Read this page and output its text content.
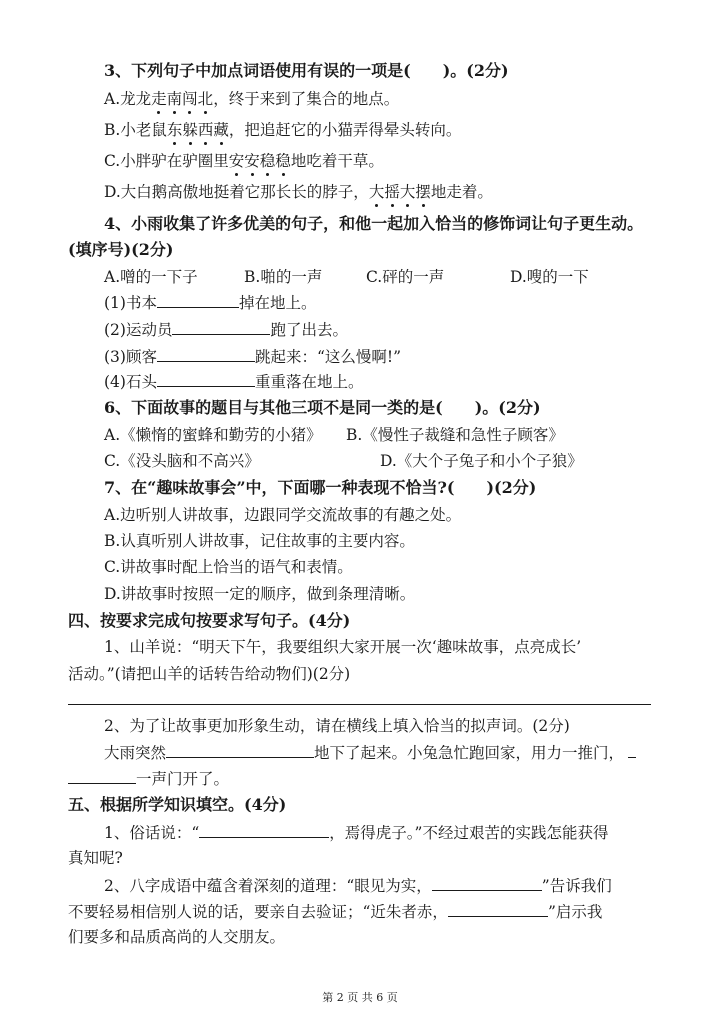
3、下列句子中加点词语使用有误的一项是(　　)。(2分)
A.龙龙走南闯北，终于来到了集合的地点。
B.小老鼠东躲西藏，把追赶它的小猫弄得晕头转向。
C.小胖驴在驴圈里安安稳稳地吃着干草。
D.大白鹅高傲地挺着它那长长的脖子，大摇大摆地走着。
4、小雨收集了许多优美的句子，和他一起加入恰当的修饰词让句子更生动。
(填序号)(2分)
A.噌的一下子	B.啪的一声	C.砰的一声	D.嗖的一下
(1)书本	掉在地上。
(2)运动员	跑了出去。
(3)顾客	跳起来：“这么慢啊!”
(4)石头	重重落在地上。
6、下面故事的题目与其他三项不是同一类的是(　　)。(2分)
A.《懒惰的蜜蜂和勤劳的小猪》 B.《慢性子裁缝和急性子顾客》
C.《没头脑和不高兴》	D.《大个子兔子和小个子狼》
7、在“趣味故事会”中，下面哪一种表现不恰当?(　　)(2分)
A.边听别人讲故事，边跟同学交流故事的有趣之处。
B.认真听别人讲故事，记住故事的主要内容。
C.讲故事时配上恰当的语气和表情。
D.讲故事时按照一定的顺序，做到条理清晰。
四、按要求完成句按要求写句子。(4分)
1、山羊说：“明天下午，我要组织大家开展一次‘趣味故事，点亮成长’
活动。”(请把山羊的话转告给动物们)(2分)
2、为了让故事更加形象生动，请在横线上填入恰当的拟声词。(2分)
大雨突然	地下了起来。小兔急忙跑回家，用力一推门，
一声门开了。
五、根据所学知识填空。(4分)
1、俗话说：“	，焉得虎子。”不经过艰苦的实践怎能获得
真知呢?
2、八字成语中蕴含着深刻的道理：“眼见为实，	”告诉我们
不要轻易相信别人说的话，要亲自去验证；“近朱者赤，	”启示我
们要多和品质高尚的人交朋友。
第 2 页 共 6 页
